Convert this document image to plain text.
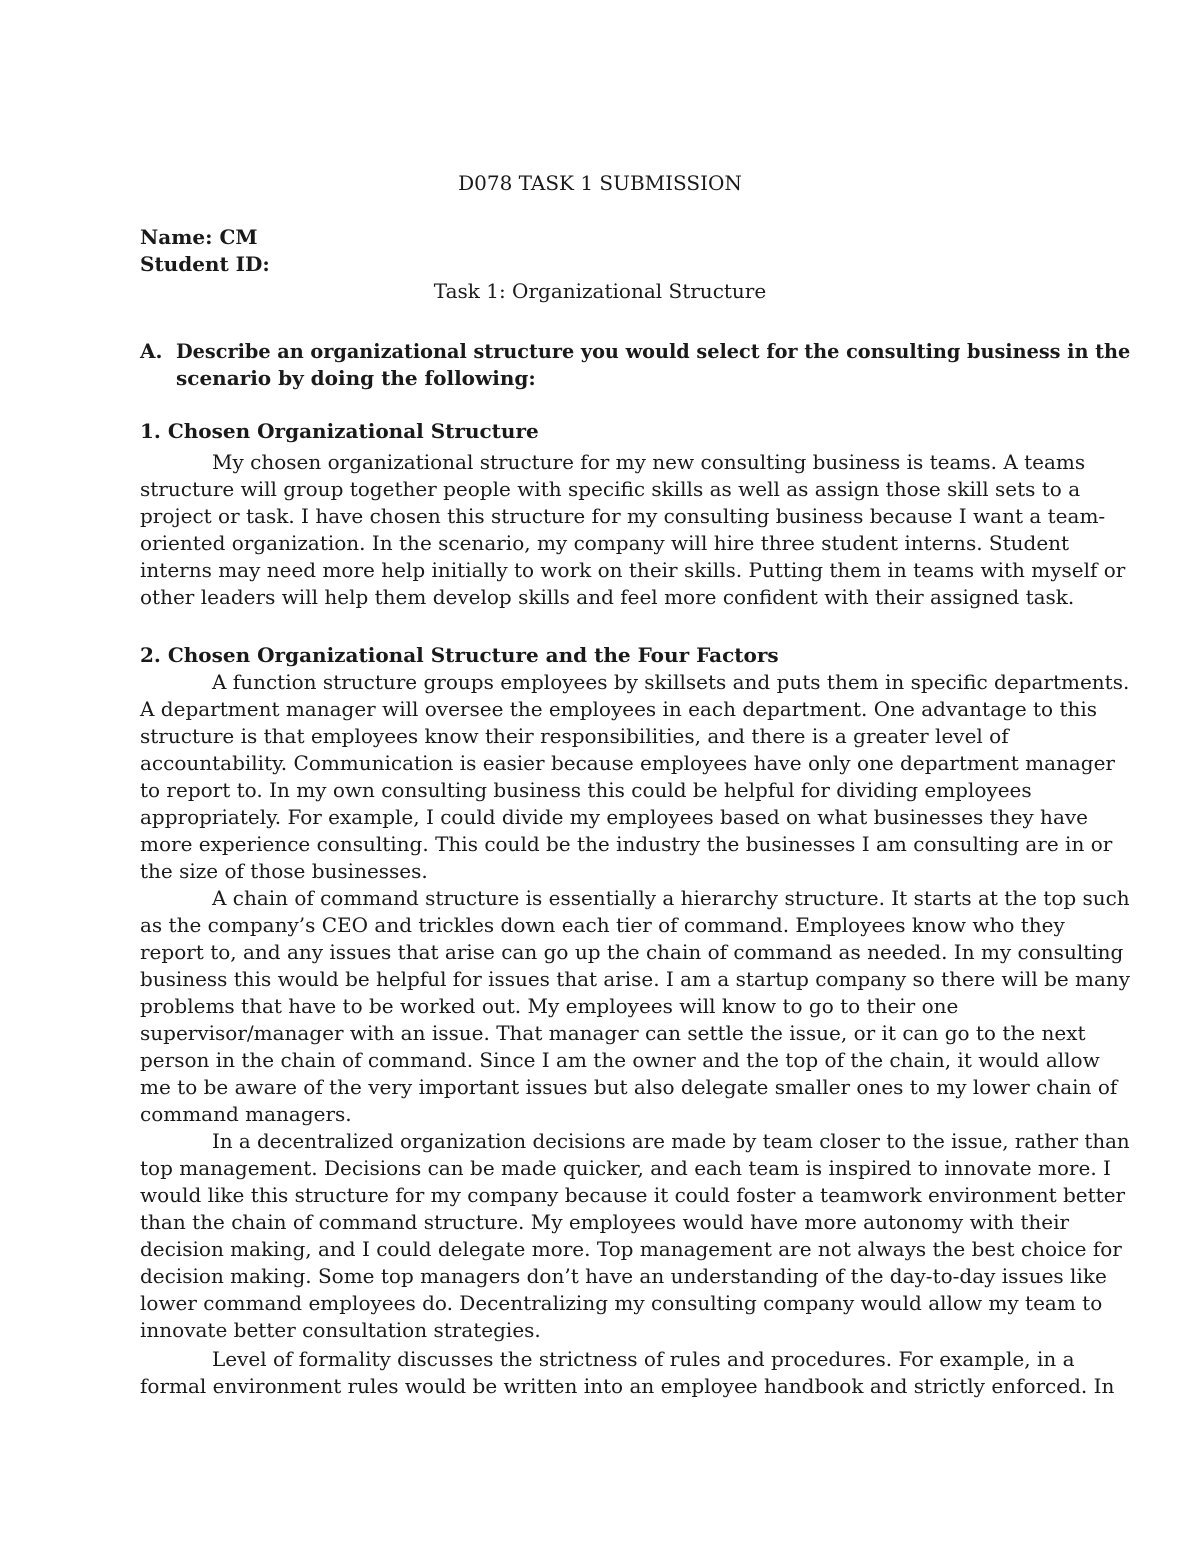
D078 TASK 1 SUBMISSION
Name: CM
Student ID:
Task 1: Organizational Structure
A. Describe an organizational structure you would select for the consulting business in the
scenario by doing the following:
1. Chosen Organizational Structure
My chosen organizational structure for my new consulting business is teams. A teams
structure will group together people with specific skills as well as assign those skill sets to a
project or task. I have chosen this structure for my consulting business because I want a team-
oriented organization. In the scenario, my company will hire three student interns. Student
interns may need more help initially to work on their skills. Putting them in teams with myself or
other leaders will help them develop skills and feel more confident with their assigned task.
2. Chosen Organizational Structure and the Four Factors
A function structure groups employees by skillsets and puts them in specific departments.
A department manager will oversee the employees in each department. One advantage to this
structure is that employees know their responsibilities, and there is a greater level of
accountability. Communication is easier because employees have only one department manager
to report to. In my own consulting business this could be helpful for dividing employees
appropriately. For example, I could divide my employees based on what businesses they have
more experience consulting. This could be the industry the businesses I am consulting are in or
the size of those businesses.
A chain of command structure is essentially a hierarchy structure. It starts at the top such
as the company’s CEO and trickles down each tier of command. Employees know who they
report to, and any issues that arise can go up the chain of command as needed. In my consulting
business this would be helpful for issues that arise. I am a startup company so there will be many
problems that have to be worked out. My employees will know to go to their one
supervisor/manager with an issue. That manager can settle the issue, or it can go to the next
person in the chain of command. Since I am the owner and the top of the chain, it would allow
me to be aware of the very important issues but also delegate smaller ones to my lower chain of
command managers.
In a decentralized organization decisions are made by team closer to the issue, rather than
top management. Decisions can be made quicker, and each team is inspired to innovate more. I
would like this structure for my company because it could foster a teamwork environment better
than the chain of command structure. My employees would have more autonomy with their
decision making, and I could delegate more. Top management are not always the best choice for
decision making. Some top managers don’t have an understanding of the day-to-day issues like
lower command employees do. Decentralizing my consulting company would allow my team to
innovate better consultation strategies.
Level of formality discusses the strictness of rules and procedures. For example, in a
formal environment rules would be written into an employee handbook and strictly enforced. In
